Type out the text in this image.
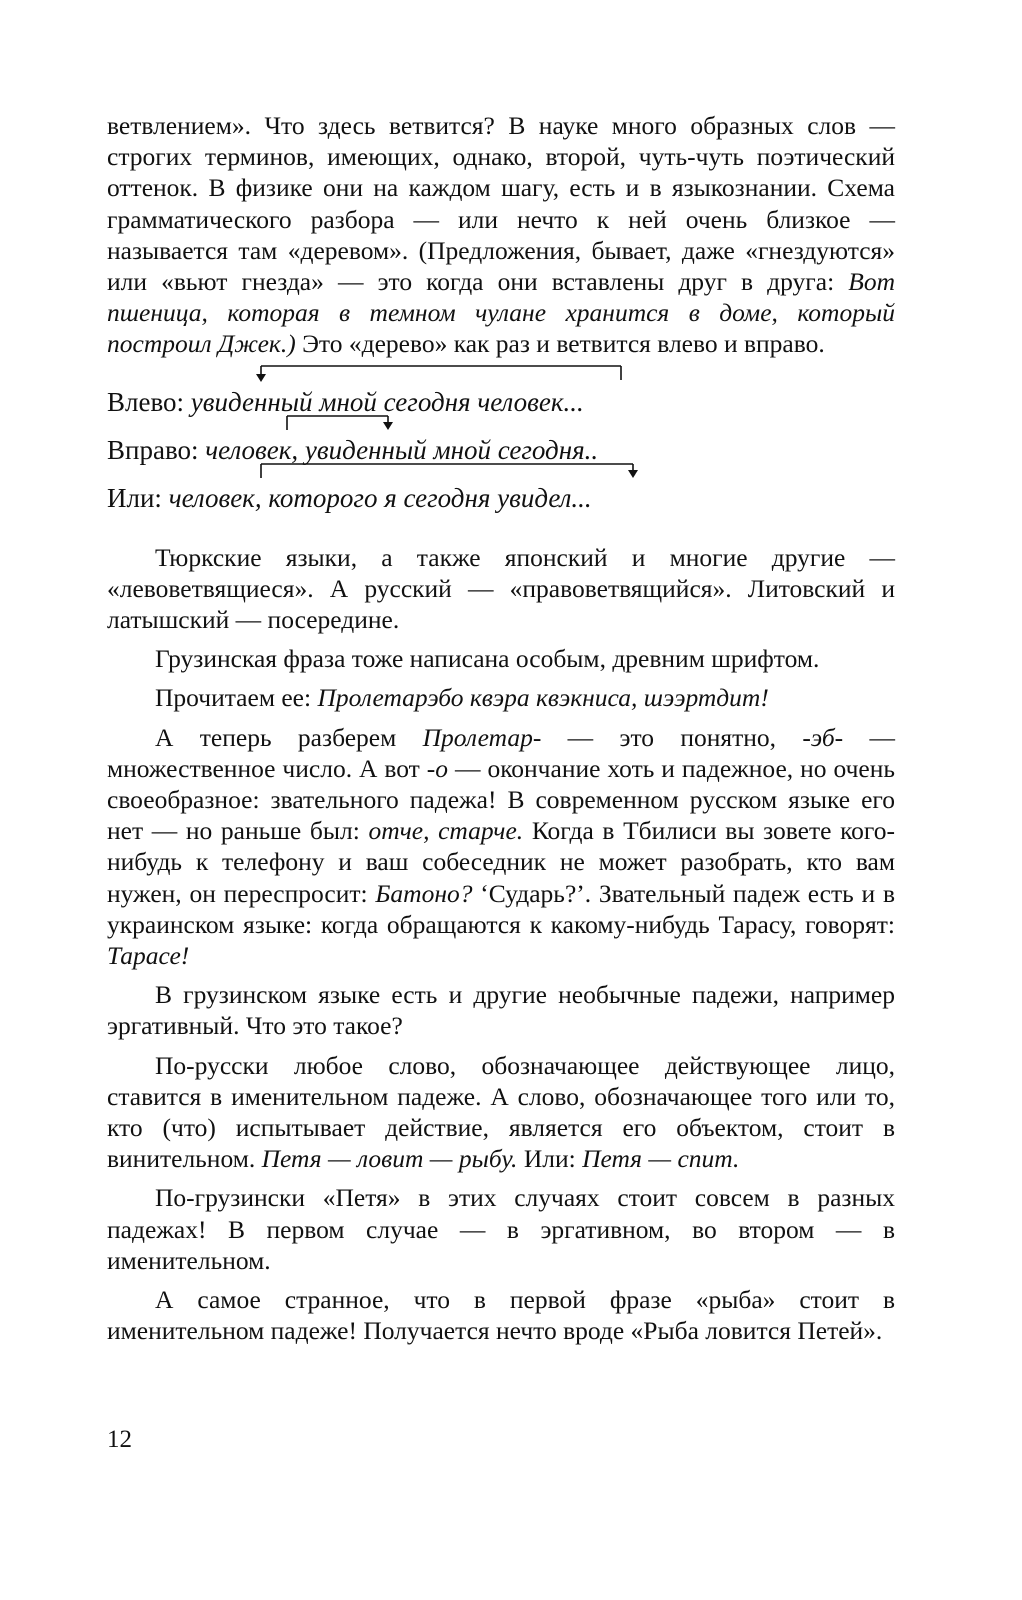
ветвлением». Что здесь ветвится? В науке много образных слов — строгих терминов, имеющих, однако, второй, чуть-чуть поэтический оттенок. В физике они на каждом шагу, есть и в языкознании. Схема грамматического разбора — или нечто к ней очень близкое — называется там «деревом». (Предложения, бывает, даже «гнездуются» или «вьют гнезда» — это когда они вставлены друг в друга: Вот пшеница, которая в темном чулане хранится в доме, который построил Джек.) Это «дерево» как раз и ветвится влево и вправо.

Влево: увиденный мной сегодня человек...
Вправо: человек, увиденный мной сегодня..
Или: человек, которого я сегодня увидел...

Тюркские языки, а также японский и многие другие — «левоветвящиеся». А русский — «правоветвящийся». Литовский и латышский — посередине.

Грузинская фраза тоже написана особым, древним шрифтом.

Прочитаем ее: Пролетарэбо квэра квэкниса, шээртдит!

А теперь разберем Пролетар- — это понятно, -эб- — множественное число. А вот -о — окончание хоть и падежное, но очень своеобразное: звательного падежа! В современном русском языке его нет — но раньше был: отче, старче. Когда в Тбилиси вы зовете кого-нибудь к телефону и ваш собеседник не может разобрать, кто вам нужен, он переспросит: Батоно? ‘Сударь?’. Звательный падеж есть и в украинском языке: когда обращаются к какому-нибудь Тарасу, говорят: Тарасе!

В грузинском языке есть и другие необычные падежи, например эргативный. Что это такое?

По-русски любое слово, обозначающее действующее лицо, ставится в именительном падеже. А слово, обозначающее того или то, кто (что) испытывает действие, является его объектом, стоит в винительном. Петя — ловит — рыбу. Или: Петя — спит.

По-грузински «Петя» в этих случаях стоит совсем в разных падежах! В первом случае — в эргативном, во втором — в именительном.

А самое странное, что в первой фразе «рыба» стоит в именительном падеже! Получается нечто вроде «Рыба ловится Петей».

12
